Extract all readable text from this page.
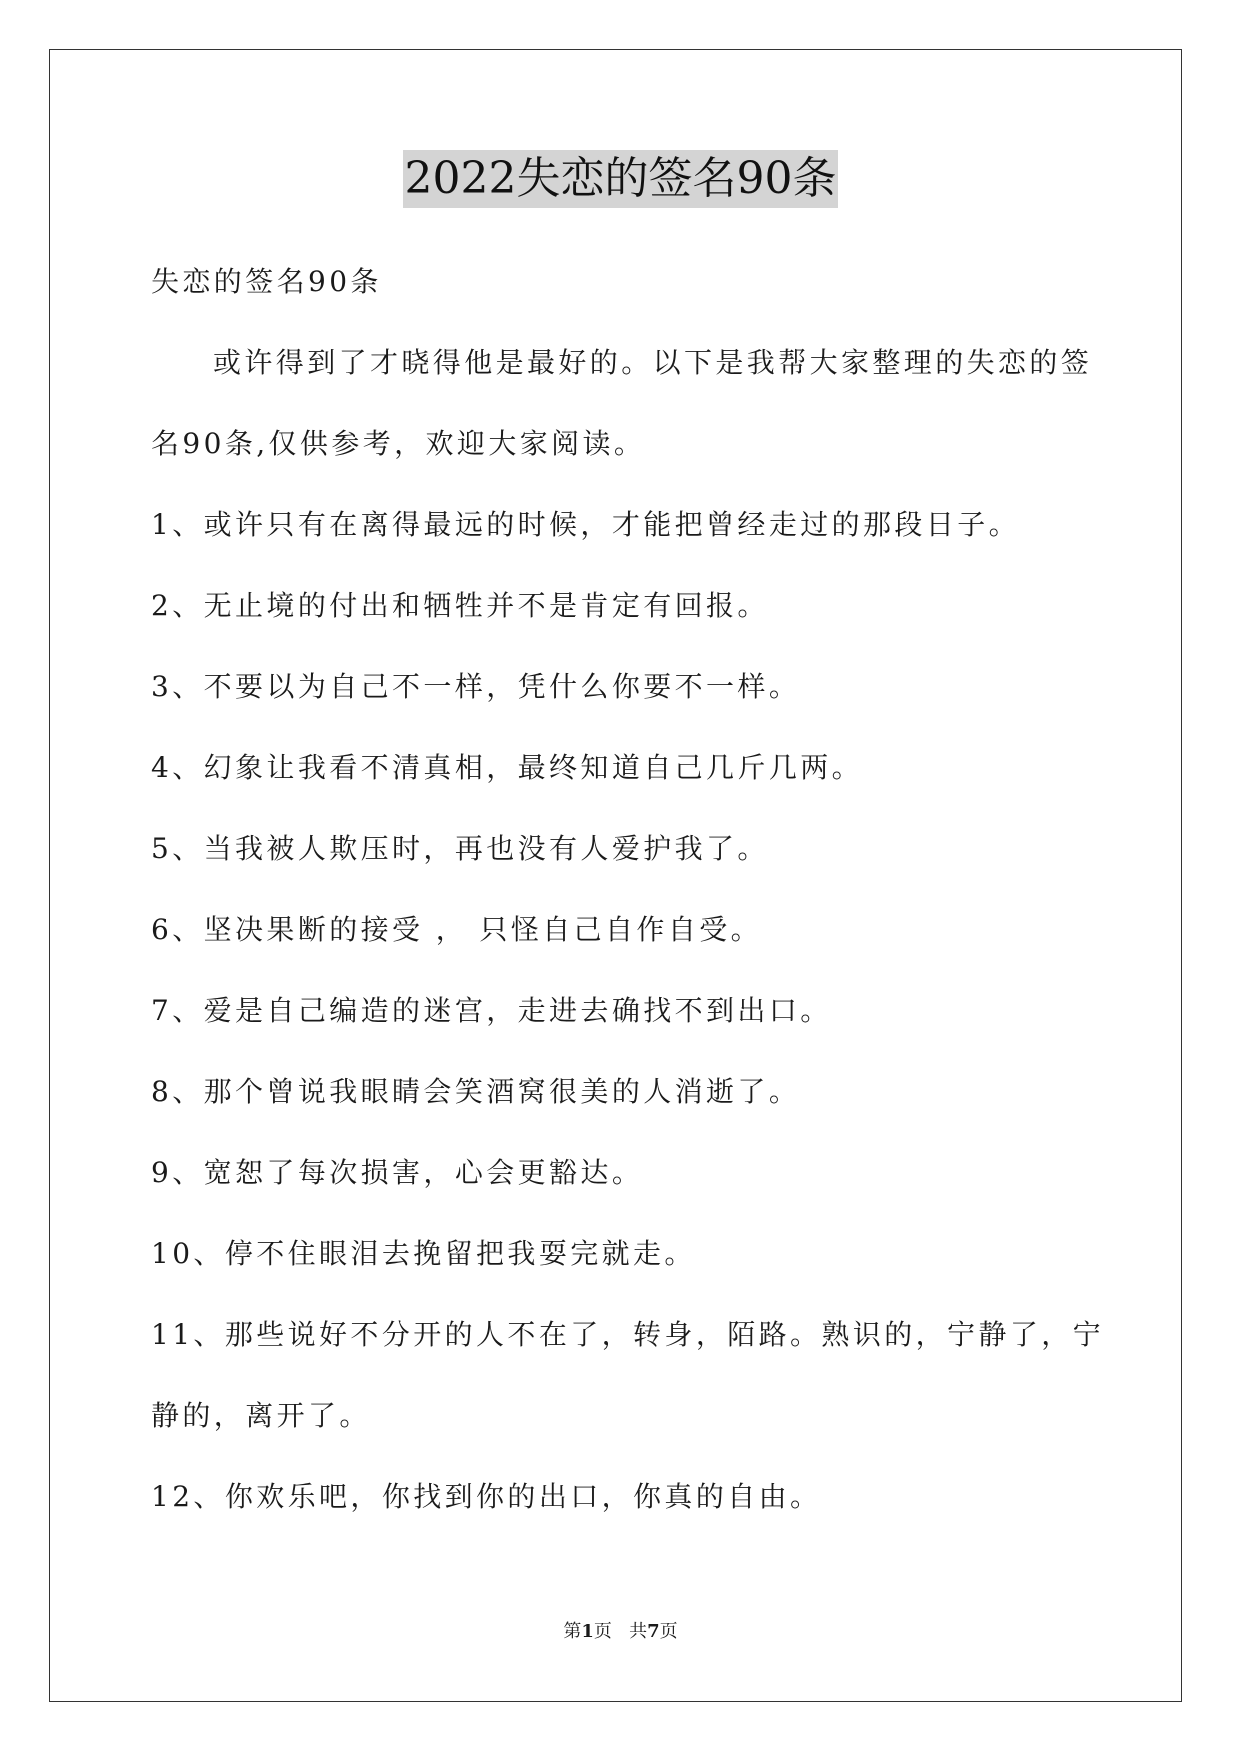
2022失恋的签名90条
失恋的签名90条
或许得到了才晓得他是最好的。以下是我帮大家整理的失恋的签
名90条,仅供参考，欢迎大家阅读。
1、或许只有在离得最远的时候，才能把曾经走过的那段日子。
2、无止境的付出和牺牲并不是肯定有回报。
3、不要以为自己不一样，凭什么你要不一样。
4、幻象让我看不清真相，最终知道自己几斤几两。
5、当我被人欺压时，再也没有人爱护我了。
6、坚决果断的接受 ， 只怪自己自作自受。
7、爱是自己编造的迷宫，走进去确找不到出口。
8、那个曾说我眼睛会笑酒窝很美的人消逝了。
9、宽恕了每次损害，心会更豁达。
10、停不住眼泪去挽留把我耍完就走。
11、那些说好不分开的人不在了，转身，陌路。熟识的，宁静了，宁
静的，离开了。
12、你欢乐吧，你找到你的出口，你真的自由。
第1页 共7页
